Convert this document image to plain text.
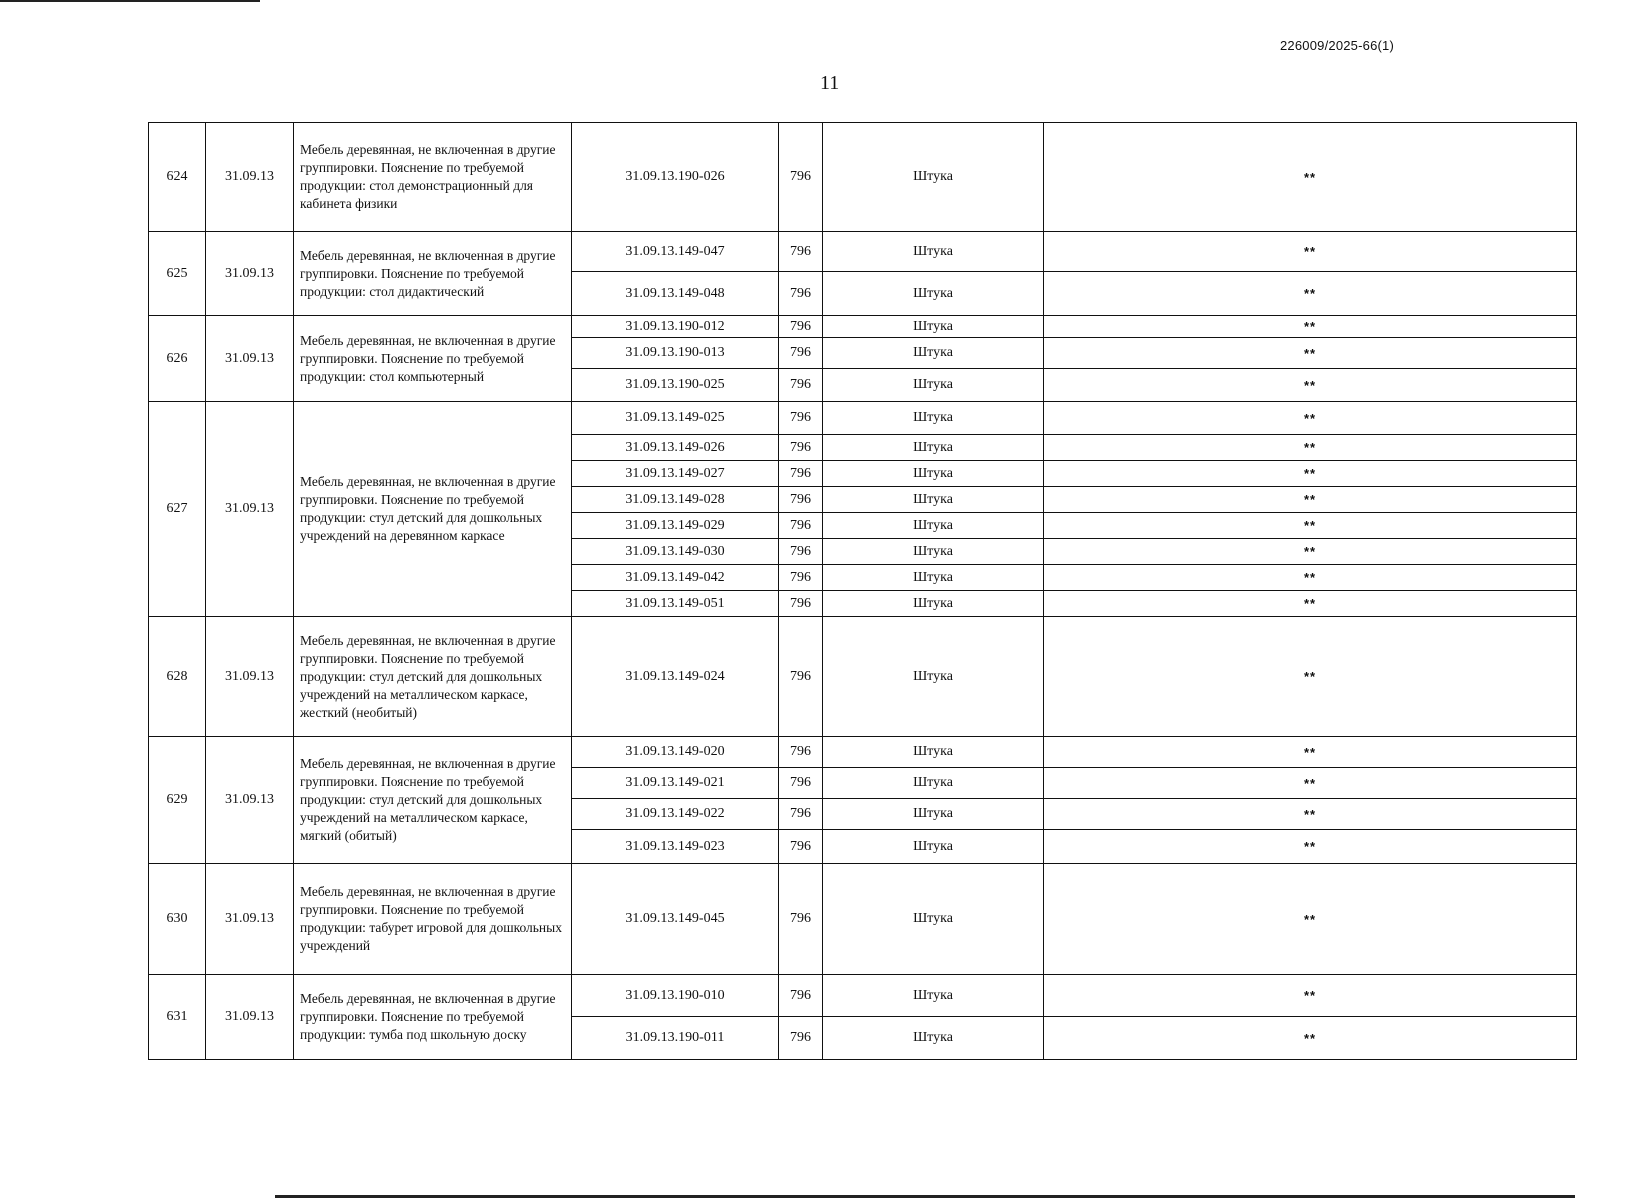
226009/2025-66(1)
11
624	31.09.13	Мебель деревянная, не включенная в другие группировки. Пояснение по требуемой продукции: стол демонстрационный для кабинета физики	31.09.13.190-026	796	Штука	**
625	31.09.13	Мебель деревянная, не включенная в другие группировки. Пояснение по требуемой продукции: стол дидактический	31.09.13.149-047	796	Штука	**
			31.09.13.149-048	796	Штука	**
626	31.09.13	Мебель деревянная, не включенная в другие группировки. Пояснение по требуемой продукции: стол компьютерный	31.09.13.190-012	796	Штука	**
			31.09.13.190-013	796	Штука	**
			31.09.13.190-025	796	Штука	**
627	31.09.13	Мебель деревянная, не включенная в другие группировки. Пояснение по требуемой продукции: стул детский для дошкольных учреждений на деревянном каркасе	31.09.13.149-025	796	Штука	**
			31.09.13.149-026	796	Штука	**
			31.09.13.149-027	796	Штука	**
			31.09.13.149-028	796	Штука	**
			31.09.13.149-029	796	Штука	**
			31.09.13.149-030	796	Штука	**
			31.09.13.149-042	796	Штука	**
			31.09.13.149-051	796	Штука	**
628	31.09.13	Мебель деревянная, не включенная в другие группировки. Пояснение по требуемой продукции: стул детский для дошкольных учреждений на металлическом каркасе, жесткий (необитый)	31.09.13.149-024	796	Штука	**
629	31.09.13	Мебель деревянная, не включенная в другие группировки. Пояснение по требуемой продукции: стул детский для дошкольных учреждений на металлическом каркасе, мягкий (обитый)	31.09.13.149-020	796	Штука	**
			31.09.13.149-021	796	Штука	**
			31.09.13.149-022	796	Штука	**
			31.09.13.149-023	796	Штука	**
630	31.09.13	Мебель деревянная, не включенная в другие группировки. Пояснение по требуемой продукции: табурет игровой для дошкольных учреждений	31.09.13.149-045	796	Штука	**
631	31.09.13	Мебель деревянная, не включенная в другие группировки. Пояснение по требуемой продукции: тумба под школьную доску	31.09.13.190-010	796	Штука	**
			31.09.13.190-011	796	Штука	**
